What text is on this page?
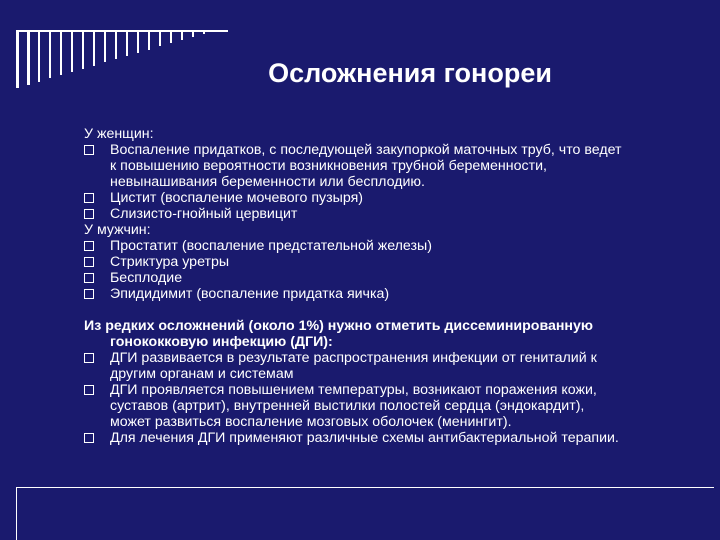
Осложнения гонореи
У женщин:
Воспаление придатков, с последующей закупоркой маточных труб, что ведет
к повышению вероятности возникновения трубной беременности,
невынашивания беременности или бесплодию.
Цистит (воспаление мочевого пузыря)
Слизисто-гнойный цервицит
У мужчин:
Простатит (воспаление предстательной железы)
Стриктура уретры
Бесплодие
Эпидидимит (воспаление придатка яичка)
Из редких осложнений (около 1%) нужно отметить диссеминированную
гонококковую инфекцию (ДГИ):
ДГИ развивается в результате распространения инфекции от гениталий к
другим органам и системам
ДГИ проявляется повышением температуры, возникают поражения кожи,
суставов (артрит), внутренней выстилки полостей сердца (эндокардит),
может развиться воспаление мозговых оболочек (менингит).
Для лечения ДГИ применяют различные схемы антибактериальной терапии.
